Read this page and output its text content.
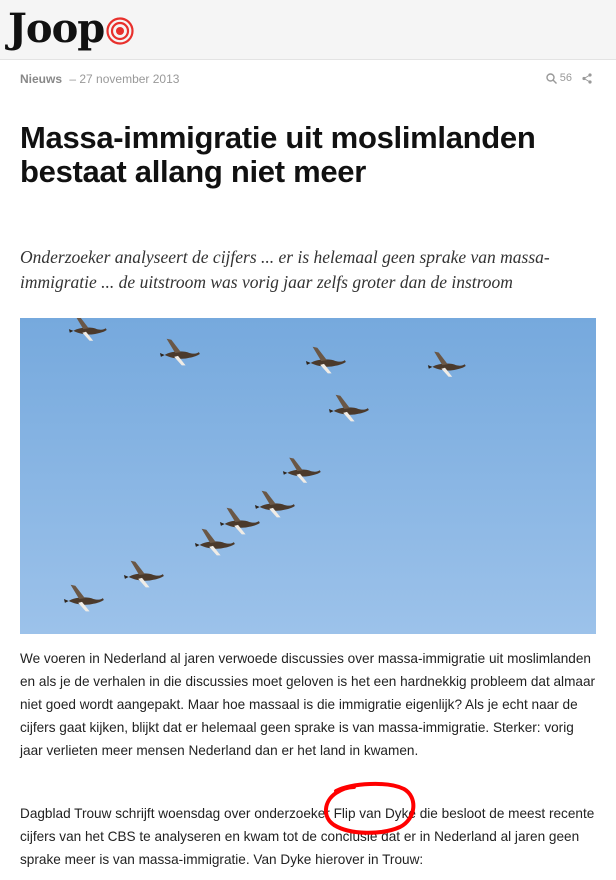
Joop
Nieuws – 27 november 2013	56
Massa-immigratie uit moslimlanden bestaat allang niet meer

Onderzoeker analyseert de cijfers ... er is helemaal geen sprake van massa-immigratie ... de uitstroom was vorig jaar zelfs groter dan de instroom

We voeren in Nederland al jaren verwoede discussies over massa-immigratie uit moslimlanden en als je de verhalen in die discussies moet geloven is het een hardnekkig probleem dat almaar niet goed wordt aangepakt. Maar hoe massaal is die immigratie eigenlijk? Als je echt naar de cijfers gaat kijken, blijkt dat er helemaal geen sprake is van massa-immigratie. Sterker: vorig jaar verlieten meer mensen Nederland dan er het land in kwamen.

Dagblad Trouw schrijft woensdag over onderzoeker Flip van Dyke die besloot de meest recente cijfers van het CBS te analyseren en kwam tot de conclusie dat er in Nederland al jaren geen sprake meer is van massa-immigratie. Van Dyke hierover in Trouw:
